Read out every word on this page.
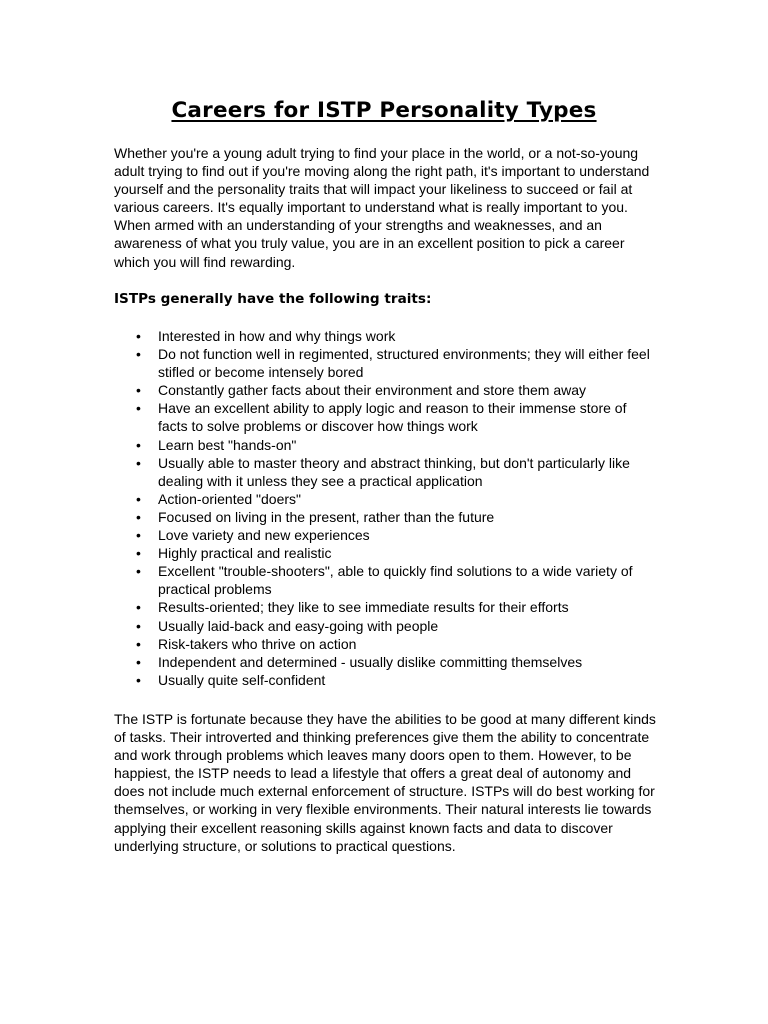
Careers for ISTP Personality Types

Whether you're a young adult trying to find your place in the world, or a not-so-young adult trying to find out if you're moving along the right path, it's important to understand yourself and the personality traits that will impact your likeliness to succeed or fail at various careers. It's equally important to understand what is really important to you. When armed with an understanding of your strengths and weaknesses, and an awareness of what you truly value, you are in an excellent position to pick a career which you will find rewarding.

ISTPs generally have the following traits:
• Interested in how and why things work
• Do not function well in regimented, structured environments; they will either feel stifled or become intensely bored
• Constantly gather facts about their environment and store them away
• Have an excellent ability to apply logic and reason to their immense store of facts to solve problems or discover how things work
• Learn best "hands-on"
• Usually able to master theory and abstract thinking, but don't particularly like dealing with it unless they see a practical application
• Action-oriented "doers"
• Focused on living in the present, rather than the future
• Love variety and new experiences
• Highly practical and realistic
• Excellent "trouble-shooters", able to quickly find solutions to a wide variety of practical problems
• Results-oriented; they like to see immediate results for their efforts
• Usually laid-back and easy-going with people
• Risk-takers who thrive on action
• Independent and determined - usually dislike committing themselves
• Usually quite self-confident

The ISTP is fortunate because they have the abilities to be good at many different kinds of tasks. Their introverted and thinking preferences give them the ability to concentrate and work through problems which leaves many doors open to them. However, to be happiest, the ISTP needs to lead a lifestyle that offers a great deal of autonomy and does not include much external enforcement of structure. ISTPs will do best working for themselves, or working in very flexible environments. Their natural interests lie towards applying their excellent reasoning skills against known facts and data to discover underlying structure, or solutions to practical questions.
